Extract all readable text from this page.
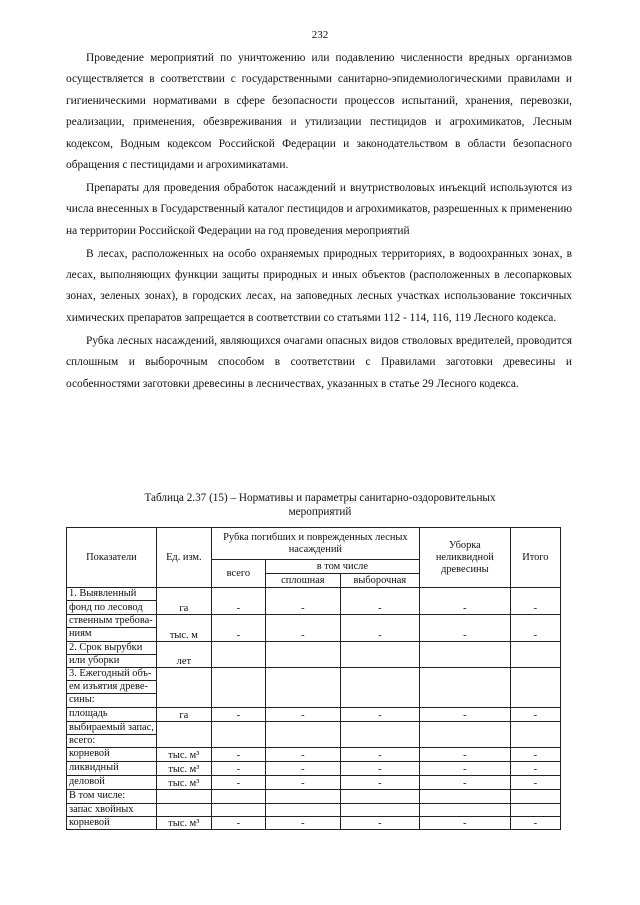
232

Проведение мероприятий по уничтожению или подавлению численности вредных организмов осуществляется в соответствии с государственными санитарно-эпидемиологическими правилами и гигиеническими нормативами в сфере безопасности процессов испытаний, хранения, перевозки, реализации, применения, обезвреживания и утилизации пестицидов и агрохимикатов, Лесным кодексом, Водным кодексом Российской Федерации и законодательством в области безопасного обращения с пестицидами и агрохимикатами.

Препараты для проведения обработок насаждений и внутристволовых инъекций используются из числа внесенных в Государственный каталог пестицидов и агрохимикатов, разрешенных к применению на территории Российской Федерации на год проведения мероприятий

В лесах, расположенных на особо охраняемых природных территориях, в водоохранных зонах, в лесах, выполняющих функции защиты природных и иных объектов (расположенных в лесопарковых зонах, зеленых зонах), в городских лесах, на заповедных лесных участках использование токсичных химических препаратов запрещается в соответствии со статьями 112 - 114, 116, 119 Лесного кодекса.

Рубка лесных насаждений, являющихся очагами опасных видов стволовых вредителей, проводится сплошным и выборочным способом в соответствии с Правилами заготовки древесины и особенностями заготовки древесины в лесничествах, указанных в статье 29 Лесного кодекса.

Таблица 2.37 (15) – Нормативы и параметры санитарно-оздоровительных мероприятий
Показатели	Ед. изм.	Рубка погибших и поврежденных лесных насаждений			Уборка неликвидной древесины	Итого
		всего	в том числе			
			сплошная	выборочная		
1. Выявленный	га	-	-	-	-	-
фонд по лесовод						
ственным требова-	тыс. м	-	-	-	-	-
ниям						
2. Срок вырубки	лет					
или уборки						
3. Ежегодный объ-						
ем изъятия древе-						
сины:						
площадь	га	-	-	-	-	-
выбираемый запас,						
всего:						
корневой	тыс. м³	-	-	-	-	-
ликвидный	тыс. м³	-	-	-	-	-
деловой	тыс. м³	-	-	-	-	-
В том числе:						
запас хвойных						
корневой	тыс. м³	-	-	-	-	-
